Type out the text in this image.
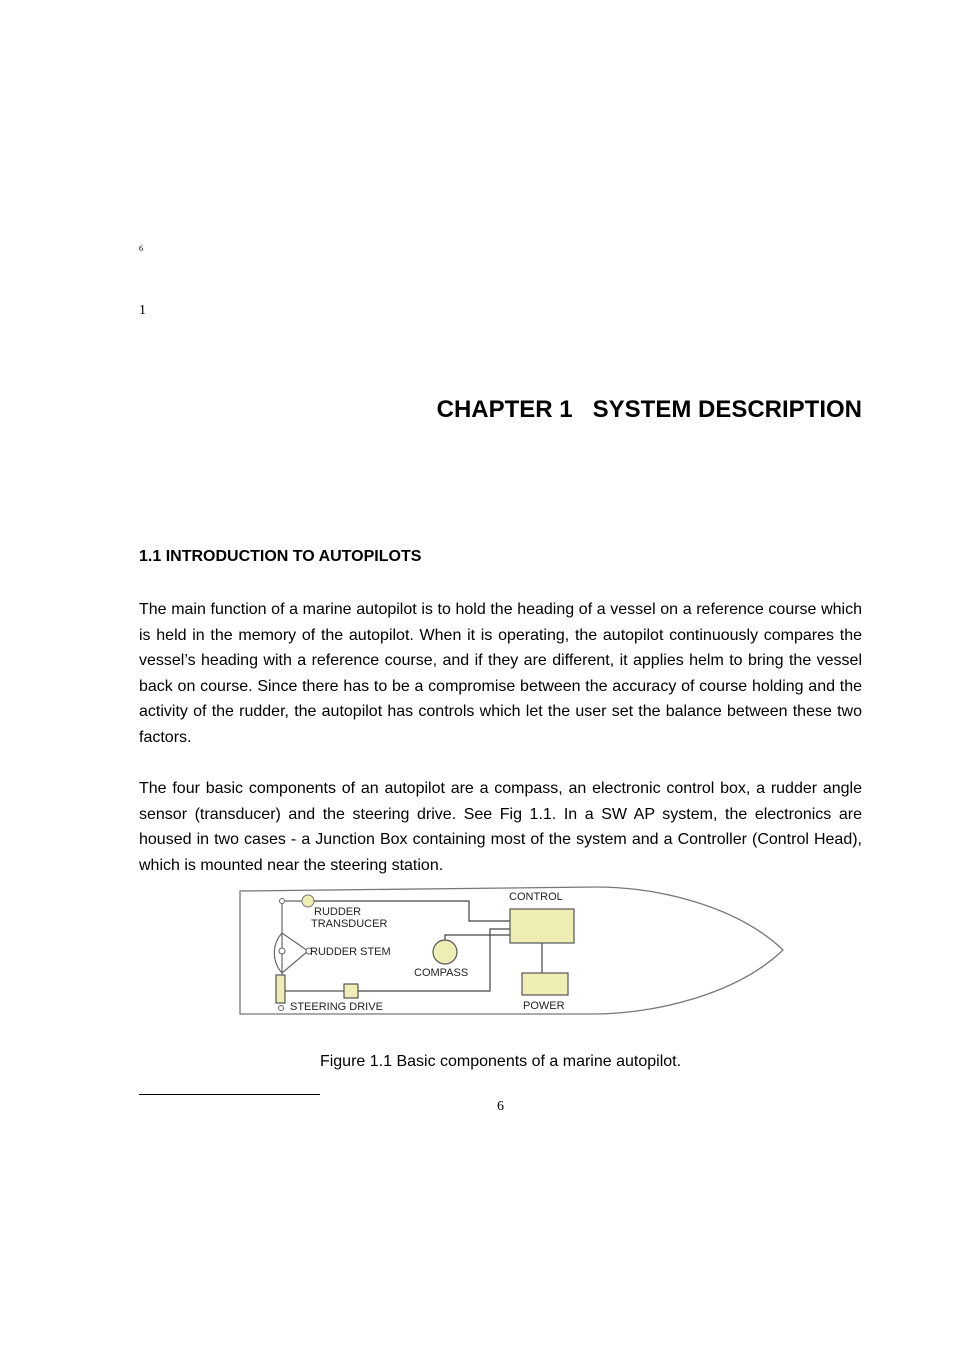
6
1
CHAPTER 1   SYSTEM DESCRIPTION
1.1 INTRODUCTION TO AUTOPILOTS

The main function of a marine autopilot is to hold the heading of a vessel on a reference course which is held in the memory of the autopilot. When it is operating, the autopilot continuously compares the vessel’s heading with a reference course, and if they are different, it applies helm to bring the vessel back on course. Since there has to be a compromise between the accuracy of course holding and the activity of the rudder, the autopilot has controls which let the user set the balance between these two factors.

The four basic components of an autopilot are a compass, an electronic control box, a rudder angle sensor (transducer) and the steering drive. See Fig 1.1. In a SW AP system, the electronics are housed in two cases - a Junction Box containing most of the system and a Controller (Control Head), which is mounted near the steering station.

RUDDER
TRANSDUCER
RUDDER STEM
COMPASS
CONTROL
POWER
STEERING DRIVE
Figure 1.1 Basic components of a marine autopilot.
6
